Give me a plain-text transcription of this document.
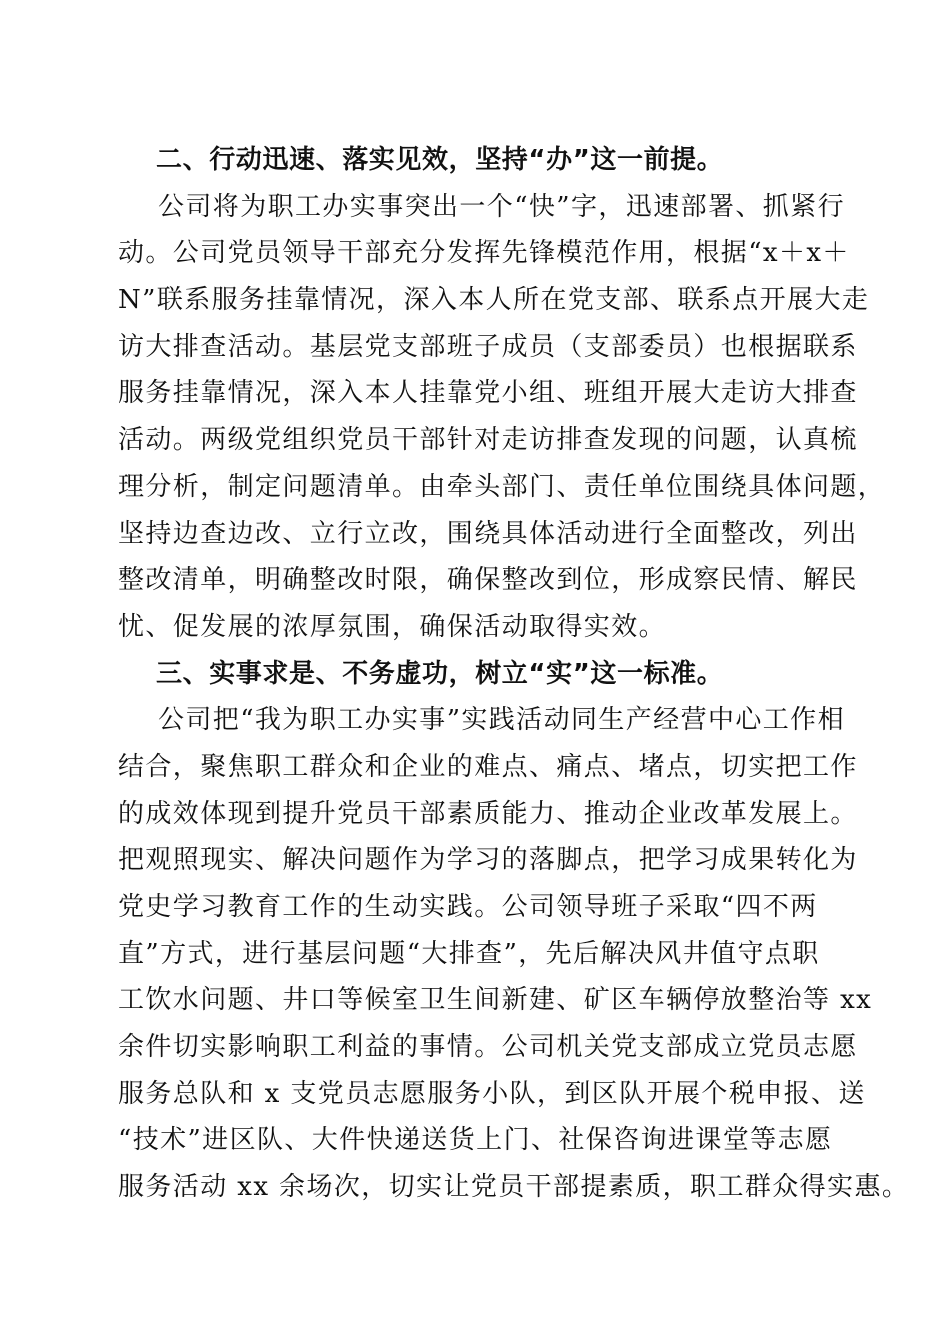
二、行动迅速、落实见效，坚持“办”这一前提。
公司将为职工办实事突出一个“快”字，迅速部署、抓紧行
动。公司党员领导干部充分发挥先锋模范作用，根据“x＋x＋
N”联系服务挂靠情况，深入本人所在党支部、联系点开展大走
访大排查活动。基层党支部班子成员（支部委员）也根据联系
服务挂靠情况，深入本人挂靠党小组、班组开展大走访大排查
活动。两级党组织党员干部针对走访排查发现的问题，认真梳
理分析，制定问题清单。由牵头部门、责任单位围绕具体问题，
坚持边查边改、立行立改，围绕具体活动进行全面整改，列出
整改清单，明确整改时限，确保整改到位，形成察民情、解民
忧、促发展的浓厚氛围，确保活动取得实效。
三、实事求是、不务虚功，树立“实”这一标准。
公司把“我为职工办实事”实践活动同生产经营中心工作相
结合，聚焦职工群众和企业的难点、痛点、堵点，切实把工作
的成效体现到提升党员干部素质能力、推动企业改革发展上。
把观照现实、解决问题作为学习的落脚点，把学习成果转化为
党史学习教育工作的生动实践。公司领导班子采取“四不两
直”方式，进行基层问题“大排查”，先后解决风井值守点职
工饮水问题、井口等候室卫生间新建、矿区车辆停放整治等 xx
余件切实影响职工利益的事情。公司机关党支部成立党员志愿
服务总队和 x 支党员志愿服务小队，到区队开展个税申报、送
“技术”进区队、大件快递送货上门、社保咨询进课堂等志愿
服务活动 xx 余场次，切实让党员干部提素质，职工群众得实惠。
